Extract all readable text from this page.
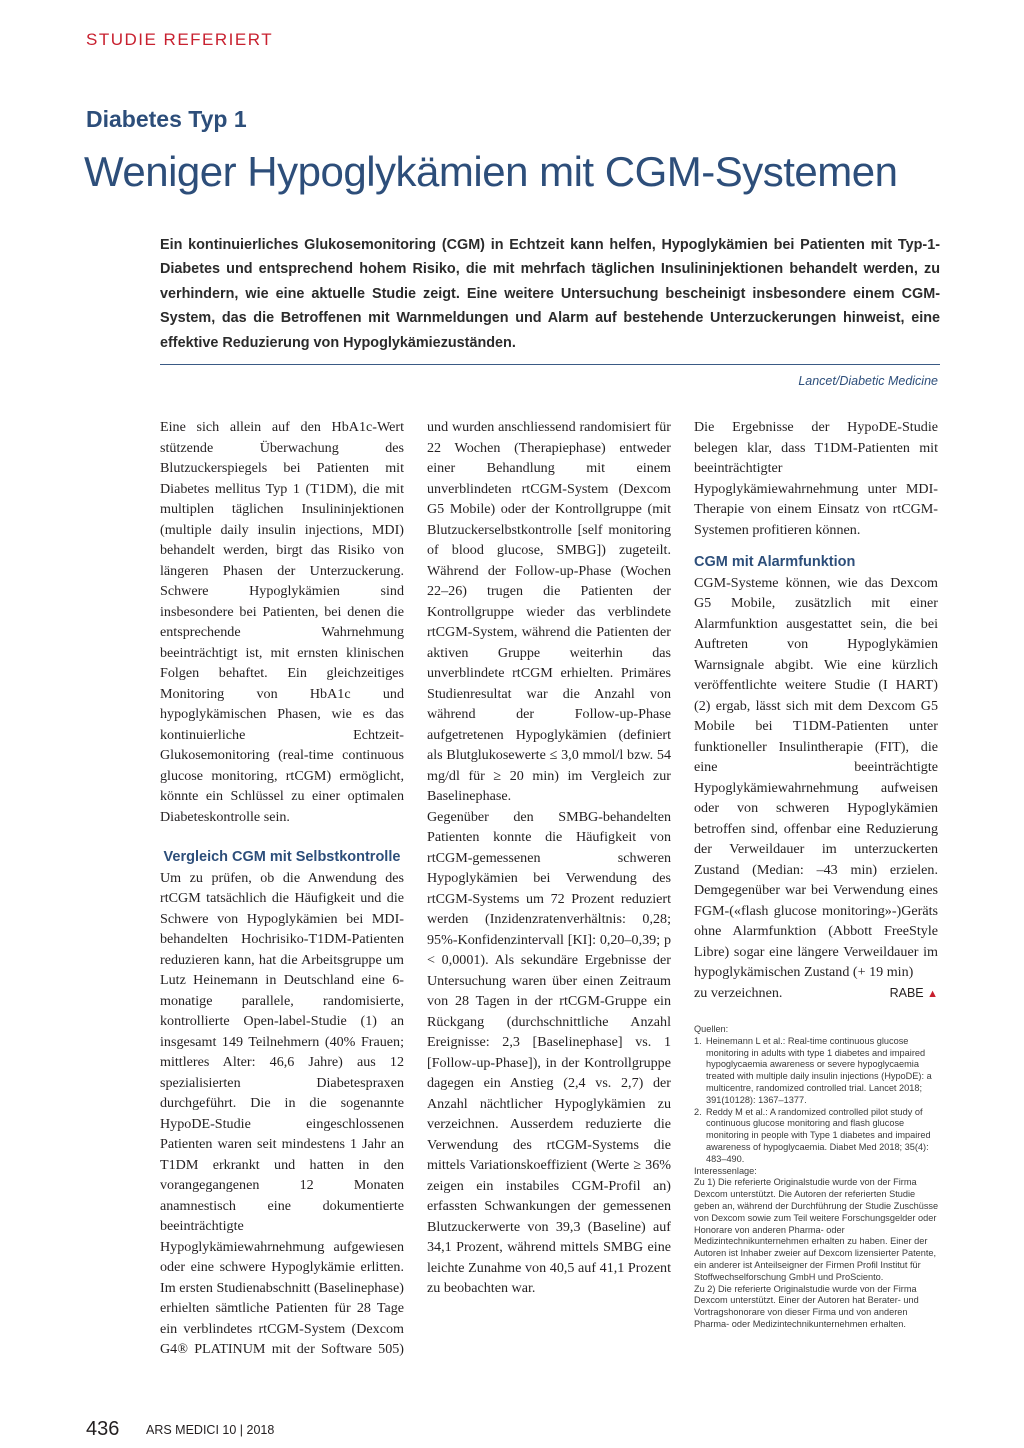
STUDIE REFERIERT
Diabetes Typ 1
Weniger Hypoglykämien mit CGM-Systemen
Ein kontinuierliches Glukosemonitoring (CGM) in Echtzeit kann helfen, Hypoglykämien bei Patienten mit Typ-1-Diabetes und entsprechend hohem Risiko, die mit mehrfach täglichen Insulininjektionen behandelt werden, zu verhindern, wie eine aktuelle Studie zeigt. Eine weitere Untersuchung bescheinigt insbesondere einem CGM-System, das die Betroffenen mit Warnmeldungen und Alarm auf bestehende Unterzuckerungen hinweist, eine effektive Reduzierung von Hypoglykämiezuständen.
Lancet/Diabetic Medicine

Eine sich allein auf den HbA1c-Wert stützende Überwachung des Blutzuckerspiegels bei Patienten mit Diabetes mellitus Typ 1 (T1DM), die mit multiplen täglichen Insulininjektionen (multiple daily insulin injections, MDI) behandelt werden, birgt das Risiko von längeren Phasen der Unterzuckerung. Schwere Hypoglykämien sind insbesondere bei Patienten, bei denen die entsprechende Wahrnehmung beeinträchtigt ist, mit ernsten klinischen Folgen behaftet. Ein gleichzeitiges Monitoring von HbA1c und hypoglykämischen Phasen, wie es das kontinuierliche Echtzeit-Glukosemonitoring (real-time continuous glucose monitoring, rtCGM) ermöglicht, könnte ein Schlüssel zu einer optimalen Diabeteskontrolle sein.

Vergleich CGM mit Selbstkontrolle

Um zu prüfen, ob die Anwendung des rtCGM tatsächlich die Häufigkeit und die Schwere von Hypoglykämien bei MDI-behandelten Hochrisiko-T1DM-Patienten reduzieren kann, hat die Arbeitsgruppe um Lutz Heinemann in Deutschland eine 6-monatige parallele, randomisierte, kontrollierte Open-label-Studie (1) an insgesamt 149 Teilnehmern (40% Frauen; mittleres Alter: 46,6 Jahre) aus 12 spezialisierten Diabetespraxen durchgeführt. Die in die sogenannte HypoDE-Studie eingeschlossenen Patienten waren seit mindestens 1 Jahr an T1DM erkrankt und hatten in den vorangegangenen 12 Monaten anamnestisch eine dokumentierte beeinträchtigte Hypoglykämiewahrnehmung aufgewiesen oder eine schwere Hypoglykämie erlitten. Im ersten Studienabschnitt (Baselinephase) erhielten sämtliche Patienten für 28 Tage ein verblindetes rtCGM-System (Dexcom G4® PLATINUM mit der Software 505)

und wurden anschliessend randomisiert für 22 Wochen (Therapiephase) entweder einer Behandlung mit einem unverblindeten rtCGM-System (Dexcom G5 Mobile) oder der Kontrollgruppe (mit Blutzuckerselbstkontrolle [self monitoring of blood glucose, SMBG]) zugeteilt. Während der Follow-up-Phase (Wochen 22–26) trugen die Patienten der Kontrollgruppe wieder das verblindete rtCGM-System, während die Patienten der aktiven Gruppe weiterhin das unverblindete rtCGM erhielten. Primäres Studienresultat war die Anzahl von während der Follow-up-Phase aufgetretenen Hypoglykämien (definiert als Blutglukosewerte ≤ 3,0 mmol/l bzw. 54 mg/dl für ≥ 20 min) im Vergleich zur Baselinephase.

Gegenüber den SMBG-behandelten Patienten konnte die Häufigkeit von rtCGM-gemessenen schweren Hypoglykämien bei Verwendung des rtCGM-Systems um 72 Prozent reduziert werden (Inzidenzratenverhältnis: 0,28; 95%-Konfidenzintervall [KI]: 0,20–0,39; p < 0,0001). Als sekundäre Ergebnisse der Untersuchung waren über einen Zeitraum von 28 Tagen in der rtCGM-Gruppe ein Rückgang (durchschnittliche Anzahl Ereignisse: 2,3 [Baselinephase] vs. 1 [Follow-up-Phase]), in der Kontrollgruppe dagegen ein Anstieg (2,4 vs. 2,7) der Anzahl nächtlicher Hypoglykämien zu verzeichnen. Ausserdem reduzierte die Verwendung des rtCGM-Systems die mittels Variationskoeffizient (Werte ≥ 36% zeigen ein instabiles CGM-Profil an) erfassten Schwankungen der gemessenen Blutzuckerwerte von 39,3 (Baseline) auf 34,1 Prozent, während mittels SMBG eine leichte Zunahme von 40,5 auf 41,1 Prozent zu beobachten war.

Die Ergebnisse der HypoDE-Studie belegen klar, dass T1DM-Patienten mit beeinträchtigter Hypoglykämiewahrnehmung unter MDI-Therapie von einem Einsatz von rtCGM-Systemen profitieren können.

CGM mit Alarmfunktion

CGM-Systeme können, wie das Dexcom G5 Mobile, zusätzlich mit einer Alarmfunktion ausgestattet sein, die bei Auftreten von Hypoglykämien Warnsignale abgibt. Wie eine kürzlich veröffentlichte weitere Studie (I HART) (2) ergab, lässt sich mit dem Dexcom G5 Mobile bei T1DM-Patienten unter funktioneller Insulintherapie (FIT), die eine beeinträchtigte Hypoglykämiewahrnehmung aufweisen oder von schweren Hypoglykämien betroffen sind, offenbar eine Reduzierung der Verweildauer im unterzuckerten Zustand (Median: –43 min) erzielen. Demgegenüber war bei Verwendung eines FGM-(«flash glucose monitoring»-)Geräts ohne Alarmfunktion (Abbott FreeStyle Libre) sogar eine längere Verweildauer im hypoglykämischen Zustand (+ 19 min)

zu verzeichnen.	RABE ▲

Quellen:

1. Heinemann L et al.: Real-time continuous glucose monitoring in adults with type 1 diabetes and impaired hypoglycaemia awareness or severe hypoglycaemia treated with multiple daily insulin injections (HypoDE): a multicentre, randomized controlled trial. Lancet 2018; 391(10128): 1367–1377.
2. Reddy M et al.: A randomized controlled pilot study of continuous glucose monitoring and flash glucose monitoring in people with Type 1 diabetes and impaired awareness of hypoglycaemia. Diabet Med 2018; 35(4): 483–490.

Interessenlage:

Zu 1) Die referierte Originalstudie wurde von der Firma Dexcom unterstützt. Die Autoren der referierten Studie geben an, während der Durchführung der Studie Zuschüsse von Dexcom sowie zum Teil weitere Forschungsgelder oder Honorare von anderen Pharma- oder Medizintechnikunternehmen erhalten zu haben. Einer der Autoren ist Inhaber zweier auf Dexcom lizensierter Patente, ein anderer ist Anteilseigner der Firmen Profil Institut für Stoffwechselforschung GmbH und ProSciento.

Zu 2) Die referierte Originalstudie wurde von der Firma Dexcom unterstützt. Einer der Autoren hat Berater- und Vortragshonorare von dieser Firma und von anderen Pharma- oder Medizintechnikunternehmen erhalten.

436 ARS MEDICI 10 | 2018
